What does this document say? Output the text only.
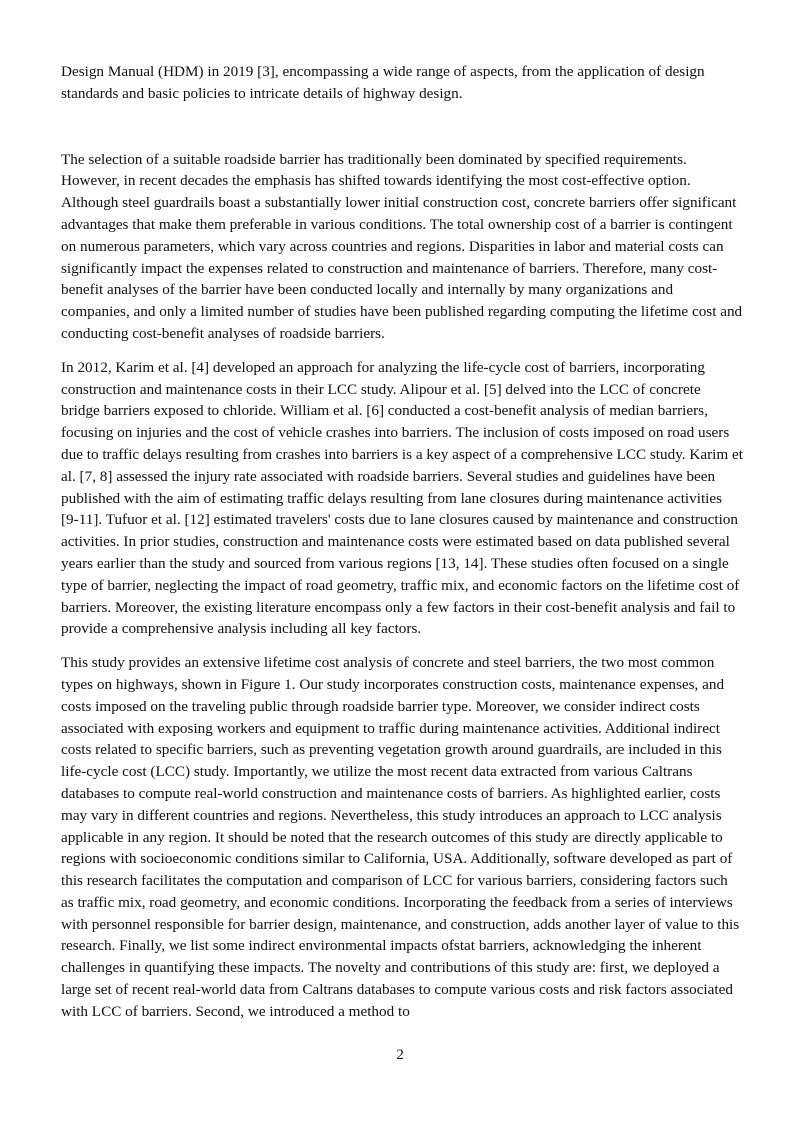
Design Manual (HDM) in 2019 [3], encompassing a wide range of aspects, from the application of design standards and basic policies to intricate details of highway design.

The selection of a suitable roadside barrier has traditionally been dominated by specified requirements. However, in recent decades the emphasis has shifted towards identifying the most cost-effective option. Although steel guardrails boast a substantially lower initial construction cost, concrete barriers offer significant advantages that make them preferable in various conditions. The total ownership cost of a barrier is contingent on numerous parameters, which vary across countries and regions. Disparities in labor and material costs can significantly impact the expenses related to construction and maintenance of barriers. Therefore, many cost-benefit analyses of the barrier have been conducted locally and internally by many organizations and companies, and only a limited number of studies have been published regarding computing the lifetime cost and conducting cost-benefit analyses of roadside barriers.

In 2012, Karim et al. [4] developed an approach for analyzing the life-cycle cost of barriers, incorporating construction and maintenance costs in their LCC study. Alipour et al. [5] delved into the LCC of concrete bridge barriers exposed to chloride. William et al. [6] conducted a cost-benefit analysis of median barriers, focusing on injuries and the cost of vehicle crashes into barriers. The inclusion of costs imposed on road users due to traffic delays resulting from crashes into barriers is a key aspect of a comprehensive LCC study. Karim et al. [7, 8] assessed the injury rate associated with roadside barriers. Several studies and guidelines have been published with the aim of estimating traffic delays resulting from lane closures during maintenance activities [9-11]. Tufuor et al. [12] estimated travelers' costs due to lane closures caused by maintenance and construction activities. In prior studies, construction and maintenance costs were estimated based on data published several years earlier than the study and sourced from various regions [13, 14]. These studies often focused on a single type of barrier, neglecting the impact of road geometry, traffic mix, and economic factors on the lifetime cost of barriers. Moreover, the existing literature encompass only a few factors in their cost-benefit analysis and fail to provide a comprehensive analysis including all key factors.

This study provides an extensive lifetime cost analysis of concrete and steel barriers, the two most common types on highways, shown in Figure 1. Our study incorporates construction costs, maintenance expenses, and costs imposed on the traveling public through roadside barrier type. Moreover, we consider indirect costs associated with exposing workers and equipment to traffic during maintenance activities. Additional indirect costs related to specific barriers, such as preventing vegetation growth around guardrails, are included in this life-cycle cost (LCC) study. Importantly, we utilize the most recent data extracted from various Caltrans databases to compute real-world construction and maintenance costs of barriers. As highlighted earlier, costs may vary in different countries and regions. Nevertheless, this study introduces an approach to LCC analysis applicable in any region. It should be noted that the research outcomes of this study are directly applicable to regions with socioeconomic conditions similar to California, USA. Additionally, software developed as part of this research facilitates the computation and comparison of LCC for various barriers, considering factors such as traffic mix, road geometry, and economic conditions. Incorporating the feedback from a series of interviews with personnel responsible for barrier design, maintenance, and construction, adds another layer of value to this research. Finally, we list some indirect environmental impacts ofstat barriers, acknowledging the inherent challenges in quantifying these impacts. The novelty and contributions of this study are: first, we deployed a large set of recent real-world data from Caltrans databases to compute various costs and risk factors associated with LCC of barriers. Second, we introduced a method to

2
